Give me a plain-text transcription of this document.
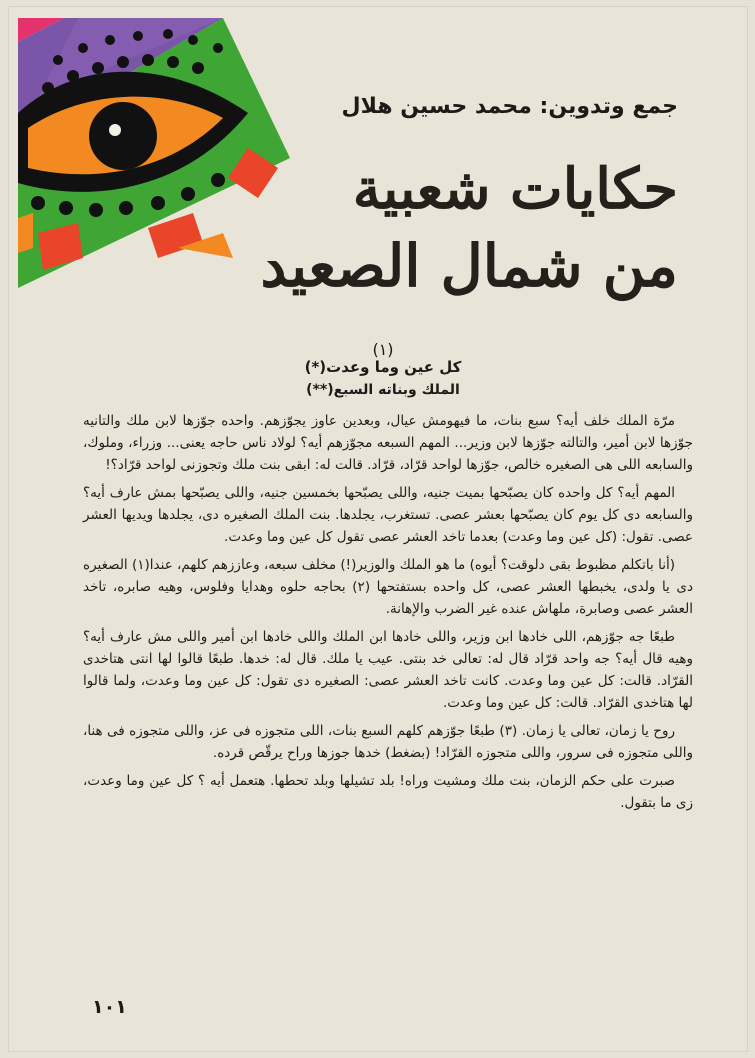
جمع وتدوين: محمد حسين هلال
حكايات شعبية
من شمال الصعيد
(١)
كل عين وما وعدت(*)
الملك وبناته السبع(**)

مرّة الملك خلف أيه؟ سبع بنات، ما فيهومش عيال، وبعدين عاوز يجوّزهم. واحده جوّزها لابن ملك والتانيه جوّزها لابن أمير، والتالته جوّزها لابن وزير... المهم السبعه مجوّزهم أيه؟ لولاد ناس حاجه يعنى... وزراء، وملوك، والسابعه اللى هى الصغيره خالص، جوّزها لواحد قرّاد، قرّاد. قالت له: ابقى بنت ملك وتجوزنى لواحد قرّاد؟!

المهم أيه؟ كل واحده كان يصبّحها بميت جنيه، واللى يصبّحها بخمسين جنيه، واللى يصبّحها بمش عارف أيه؟ والسابعه دى كل يوم كان يصبّحها بعشر عصى. تستغرب، يجلدها. بنت الملك الصغيره دى، يجلدها ويديها العشر عصى. تقول: (كل عين وما وعدت) بعدما تاخد العشر عصى تقول كل عين وما وعدت.

(أنا باتكلم مظبوط بقى دلوقت؟ أيوه) ما هو الملك والوزير(!) مخلف سبعه، وعاززهم كلهم، عندا(١) الصغيره دى يا ولدى، يخبطها العشر عصى، كل واحده بستفتحها (٢) بحاجه حلوه وهدايا وفلوس، وهيه صابره، تاخد العشر عصى وصابرة، ملهاش عنده غير الضرب والإهانة.

طبعًا جه جوّزهم، اللى خادها ابن وزير، واللى خادها ابن الملك واللى خادها ابن أمير واللى مش عارف أيه؟ وهيه قال أيه؟ جه واحد قرّاد قال له: تعالى خد بنتى. عيب يا ملك. قال له: خدها. طبعًا قالوا لها انتى هتاخدى القرّاد. قالت: كل عين وما وعدت. كانت تاخد العشر عصى: الصغيره دى تقول: كل عين وما وعدت، ولما قالوا لها هتاخدى القرّاد. قالت: كل عين وما وعدت.

روح يا زمان، تعالى يا زمان. (٣) طبعًا جوّزهم كلهم السبع بنات، اللى متجوزه فى عز، واللى متجوزه فى هنا، واللى متجوزه فى سرور، واللى متجوزه القرّاد! (بضغط) خدها جوزها وراح يرقّص قرده.

صبرت على حكم الزمان، بنت ملك ومشيت وراه! بلد تشيلها وبلد تحطها. هتعمل أيه ؟ كل عين وما وعدت، زى ما بتقول.

١٠١
